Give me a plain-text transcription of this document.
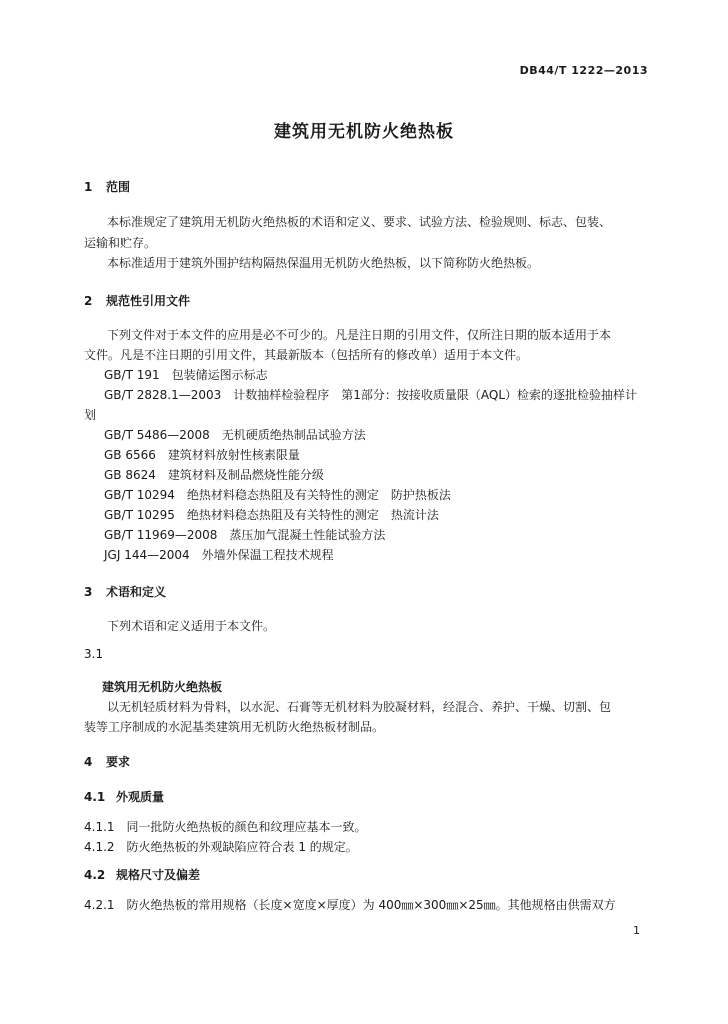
DB44/T 1222—2013
建筑用无机防火绝热板
1 范围
本标准规定了建筑用无机防火绝热板的术语和定义、要求、试验方法、检验规则、标志、包装、
运输和贮存。
本标准适用于建筑外围护结构隔热保温用无机防火绝热板，以下简称防火绝热板。
2 规范性引用文件
下列文件对于本文件的应用是必不可少的。凡是注日期的引用文件，仅所注日期的版本适用于本
文件。凡是不注日期的引用文件，其最新版本（包括所有的修改单）适用于本文件。
GB/T 191　包装储运图示标志
GB/T 2828.1—2003　计数抽样检验程序　第1部分：按接收质量限（AQL）检索的逐批检验抽样计
划
GB/T 5486—2008　无机硬质绝热制品试验方法
GB 6566　建筑材料放射性核素限量
GB 8624　建筑材料及制品燃烧性能分级
GB/T 10294　绝热材料稳态热阻及有关特性的测定　防护热板法
GB/T 10295　绝热材料稳态热阻及有关特性的测定　热流计法
GB/T 11969—2008　蒸压加气混凝土性能试验方法
JGJ 144—2004　外墙外保温工程技术规程
3 术语和定义
下列术语和定义适用于本文件。
3.1
建筑用无机防火绝热板
以无机轻质材料为骨料，以水泥、石膏等无机材料为胶凝材料，经混合、养护、干燥、切割、包
装等工序制成的水泥基类建筑用无机防火绝热板材制品。
4 要求
4.1 外观质量
4.1.1　同一批防火绝热板的颜色和纹理应基本一致。
4.1.2　防火绝热板的外观缺陷应符合表 1 的规定。
4.2 规格尺寸及偏差
4.2.1　防火绝热板的常用规格（长度×宽度×厚度）为 400㎜×300㎜×25㎜。其他规格由供需双方
1
